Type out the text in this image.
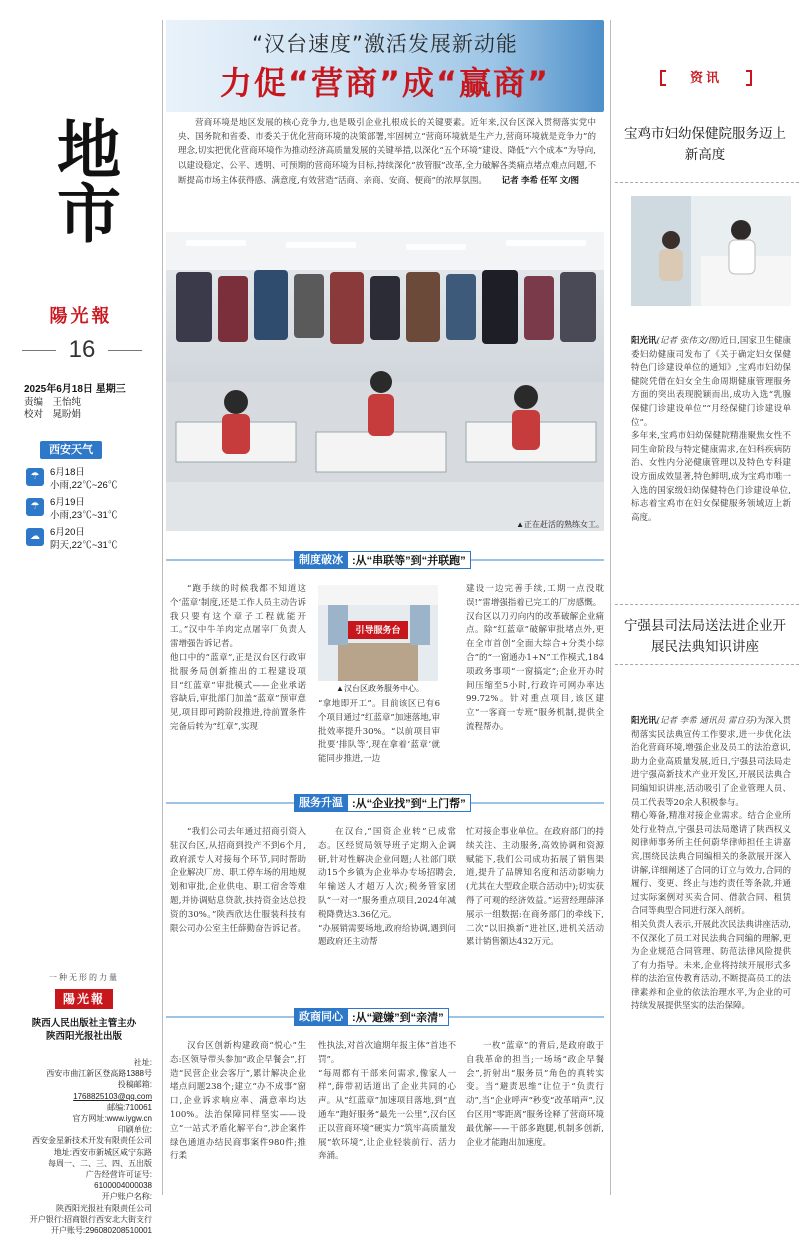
地市
陽光報
16
2025年6月18日 星期三
责编　王怡纯
校对　晁盼娟
西安天气
☂	6月18日
小雨,22℃~26℃
☂	6月19日
小雨,23℃~31℃
☁	6月20日
阴天,22℃~31℃
一种无形的力量
陽光報
陕西人民出版社主管主办
陕西阳光报社出版
社址:
西安市曲江新区登高路1388号
投稿邮箱:
1768825103@qq.com
邮编:710061
官方网址:www.iygw.cn
印刷单位:
西安金星新技术开发有限责任公司
地址:西安市新城区咸宁东路
每周一、二、三、四、五出版
广告经营许可证号:
6100004000038
开户账户名称:
陕西阳光报社有限责任公司
开户银行:招商银行西安北大街支行
开户账号:296080208510001
“汉台速度”激活发展新动能
力促“营商”成“赢商”
营商环境是地区发展的核心竞争力,也是吸引企业扎根成长的关键要素。近年来,汉台区深入贯彻落实党中央、国务院和省委、市委关于优化营商环境的决策部署,牢固树立“营商环境就是生产力,营商环境就是竞争力”的理念,切实把优化营商环境作为推动经济高质量发展的关键举措,以深化“五个环境”建设、降低“六个成本”为导向,以建设稳定、公平、透明、可预期的营商环境为目标,持续深化“放管服”改革,全力破解各类痛点堵点难点问题,不断提高市场主体获得感、满意度,有效营造“活商、亲商、安商、便商”的浓厚氛围。 记者 李希 任军 文/图
▲正在赶活的熟练女工。
制度破冰 :从“串联等”到“并联跑”
“跑手续的时候我都不知道这个‘蓝章’制度,还是工作人员主动告诉我只要有这个章子工程就能开工。”汉中牛羊肉定点屠宰厂负责人雷增强告诉记者。
他口中的“蓝章”,正是汉台区行政审批服务局创新推出的工程建设项目“红蓝章”审批模式——企业承诺容缺后,审批部门加盖“蓝章”预审意见,项目即可跨阶段推进,待前置条件完备后转为“红章”,实现
引导服务台
▲汉台区政务服务中心。
“拿地即开工”。目前该区已有6个项目通过“红蓝章”加速落地,审批效率提升30%。“以前项目审批要‘排队等’,现在拿着‘蓝章’就能同步推进,一边
建设一边完善手续,工期一点没耽误!”雷增强指着已完工的厂房感慨。
汉台区以刀刃向内的改革破解企业痛点。除“红蓝章”破解审批堵点外,更在全市首创“全面大综合+分类小综合”的“一窗通办1+N”工作模式,184项政务事项“一窗搞定”;企业开办时间压缩至5小时,行政许可网办率达99.72%。针对重点项目,该区建立“一客商一专班”服务机制,提供全流程帮办。
服务升温 :从“企业找”到“上门帮”
“我们公司去年通过招商引资入驻汉台区,从招商到投产不到6个月,政府派专人对接每个环节,同时帮助企业解决厂房、职工停车场的用地规划和审批,企业供电、职工宿舍等难题,并协调贴息贷款,扶持资金达总投资的30%。”陕西欣达仕服装科技有限公司办公室主任薛勤奋告诉记者。
在汉台,“国资企业转”已成常态。区经贸局领导班子定期入企调研,针对性解决企业问题;人社部门联动15个乡镇为企业举办专场招聘会,年输送人才超万人次;税务管家团队“一对一”服务重点项目,2024年减税降费达3.36亿元。
“办展销需要场地,政府给协调,遇到问题政府还主动帮
忙对接企事业单位。在政府部门的持续关注、主动服务,高效协调和资源赋能下,我们公司成功拓展了销售渠道,提升了品牌知名度和活动影响力(尤其在大型政企联合活动中);切实获得了可观的经济效益。”运营经理薛泽展示一组数据:在商务部门的牵线下,二次“以旧换新”进社区,进机关活动累计销售额达432万元。
政商同心 :从“避嫌”到“亲清”
汉台区创新构建政商“悦心”生态:区领导带头参加“政企早餐会”,打造“民营企业会客厅”,累计解决企业堵点问题238个;建立“办不成事”窗口,企业诉求响应率、满意率均达100%。法治保障同样坚实——设立“一站式矛盾化解平台”,涉企案件绿色通道办结民商事案件980件;推行柔
性执法,对首次逾期年报主体“首违不罚”。
“每周都有干部来问需求,像家人一样”,薛带初话道出了企业共同的心声。从“红蓝章”加速项目落地,到“直通车”跑好服务“最先一公里”,汉台区正以营商环境“硬实力”筑牢高质量发展“软环境”,让企业轻装前行、活力奔涌。
一枚“蓝章”的背后,是政府敢于自我革命的担当;一场场“政企早餐会”,折射出“服务员”角色的真转实变。当“避责思维”让位于“负责行动”,当“企业呼声”秒变“改革哨声”,汉台区用“零距离”服务诠释了营商环境最优解——干部多跑腿,机制多创新,企业才能跑出加速度。
资讯
宝鸡市妇幼保健院服务迈上新高度
阳光讯(记者 张伟文/图)近日,国家卫生健康委妇幼健康司发布了《关于确定妇女保健特色门诊建设单位的通知》,宝鸡市妇幼保健院凭借在妇女全生命周期健康管理服务方面的突出表现脱颖而出,成功入选“乳腺保健门诊建设单位”“月经保健门诊建设单位”。
多年来,宝鸡市妇幼保健院精准聚焦女性不同生命阶段与特定健康需求,在妇科疾病防治、女性内分泌健康管理以及特色专科建设方面成效显著,特色鲜明,成为宝鸡市唯一入选的国家级妇幼保健特色门诊建设单位,标志着宝鸡市在妇女保健服务领域迈上新高度。
宁强县司法局送法进企业开展民法典知识讲座
阳光讯(记者 李希 通讯员 雷自芬)为深入贯彻落实民法典宣传工作要求,进一步优化法治化营商环境,增强企业及员工的法治意识,助力企业高质量发展,近日,宁强县司法局走进宁强高新技术产业开发区,开展民法典合同编知识讲座,活动吸引了企业管理人员、员工代表等20余人积极参与。
精心筹备,精准对接企业需求。结合企业所处行业特点,宁强县司法局邀请了陕西权义阅律师事务所主任何蔚华律师担任主讲嘉宾,围绕民法典合同编相关的条款展开深入讲解,详细阐述了合同的订立与效力,合同的履行、变更、终止与违约责任等条款,并通过实际案例对买卖合同、借款合同、租赁合同等典型合同进行深入剖析。
相关负责人表示,开展此次民法典讲座活动,不仅深化了员工对民法典合同编的理解,更为企业规范合同管理、防范法律风险提供了有力指导。未来,企业将持续开展形式多样的法治宣传教育活动,不断提高员工的法律素养和企业的依法治理水平,为企业的可持续发展提供坚实的法治保障。
